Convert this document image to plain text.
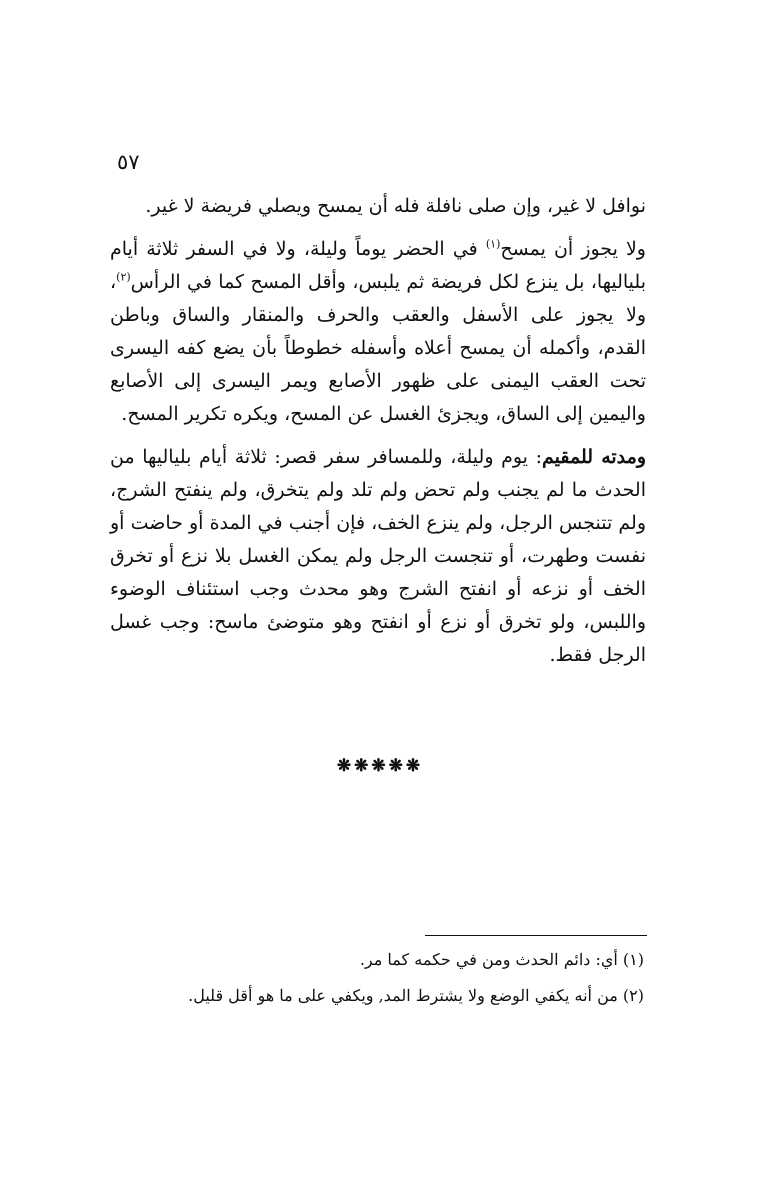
٥٧

نوافل لا غير، وإن صلى نافلة فله أن يمسح ويصلي فريضة لا غير.

ولا يجوز أن يمسح$^{(١)}$ في الحضر يوماً وليلة، ولا في السفر ثلاثة أيام بلياليها، بل ينزع لكل فريضة ثم يلبس، وأقل المسح كما في الرأس$^{(٢)}$، ولا يجوز على الأسفل والعقب والحرف والمنقار والساق وباطن القدم، وأكمله أن يمسح أعلاه وأسفله خطوطاً بأن يضع كفه اليسرى تحت العقب اليمنى على ظهور الأصابع ويمر اليسرى إلى الأصابع واليمين إلى الساق، ويجزئ الغسل عن المسح، ويكره تكرير المسح.

ومدته للمقيم: يوم وليلة، وللمسافر سفر قصر: ثلاثة أيام بلياليها من الحدث ما لم يجنب ولم تحض ولم تلد ولم يتخرق، ولم ينفتح الشرج، ولم تتنجس الرجل، ولم ينزع الخف، فإن أجنب في المدة أو حاضت أو نفست وطهرت، أو تنجست الرجل ولم يمكن الغسل بلا نزع أو تخرق الخف أو نزعه أو انفتح الشرج وهو محدث وجب استئناف الوضوء واللبس، ولو تخرق أو نزع أو انفتح وهو متوضئ ماسح: وجب غسل الرجل فقط.

❋❋❋❋❋

(١) أي: دائم الحدث ومن في حكمه كما مر.

(٢) من أنه يكفي الوضع ولا يشترط المد, ويكفي على ما هو أقل قليل.
